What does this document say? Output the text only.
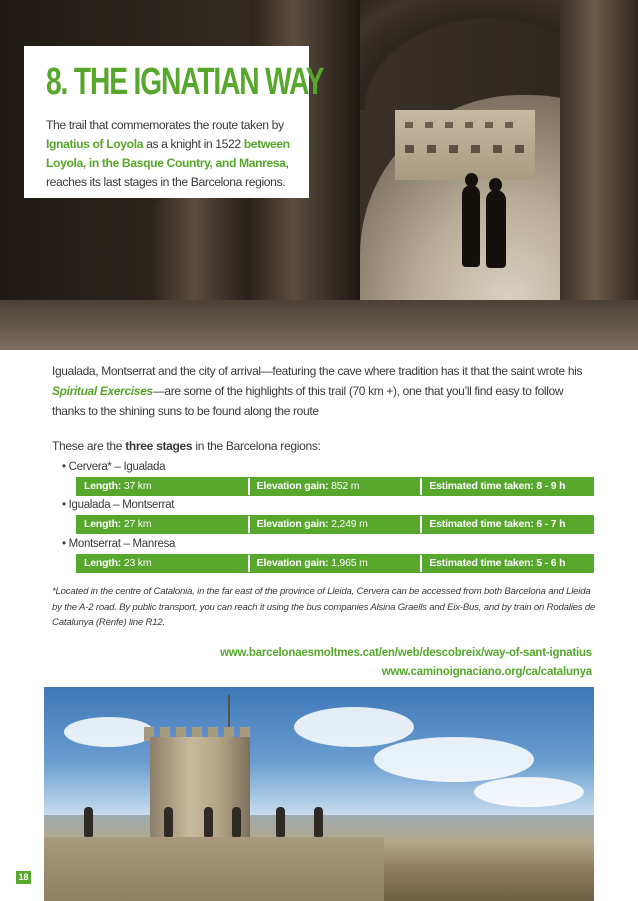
8. THE IGNATIAN WAY
The trail that commemorates the route taken by Ignatius of Loyola as a knight in 1522 between Loyola, in the Basque Country, and Manresa, reaches its last stages in the Barcelona regions.
Igualada, Montserrat and the city of arrival—featuring the cave where tradition has it that the saint wrote his Spiritual Exercises—are some of the highlights of this trail (70 km +), one that you’ll find easy to follow thanks to the shining suns to be found along the route
These are the three stages in the Barcelona regions:
• Cervera* – Igualada
Length: 37 km	Elevation gain: 852 m	Estimated time taken: 8 - 9 h
• Igualada – Montserrat
Length: 27 km	Elevation gain: 2,249 m	Estimated time taken: 6 - 7 h
• Montserrat – Manresa
Length: 23 km	Elevation gain: 1,965 m	Estimated time taken: 5 - 6 h
*Located in the centre of Catalonia, in the far east of the province of Lleida, Cervera can be accessed from both Barcelona and Lleida by the A-2 road. By public transport, you can reach it using the bus companies Alsina Graells and Eix-Bus, and by train on Rodalies de Catalunya (Renfe) line R12.
www.barcelonaesmoltmes.cat/en/web/descobreix/way-of-sant-ignatius
www.caminoignaciano.org/ca/catalunya
18
